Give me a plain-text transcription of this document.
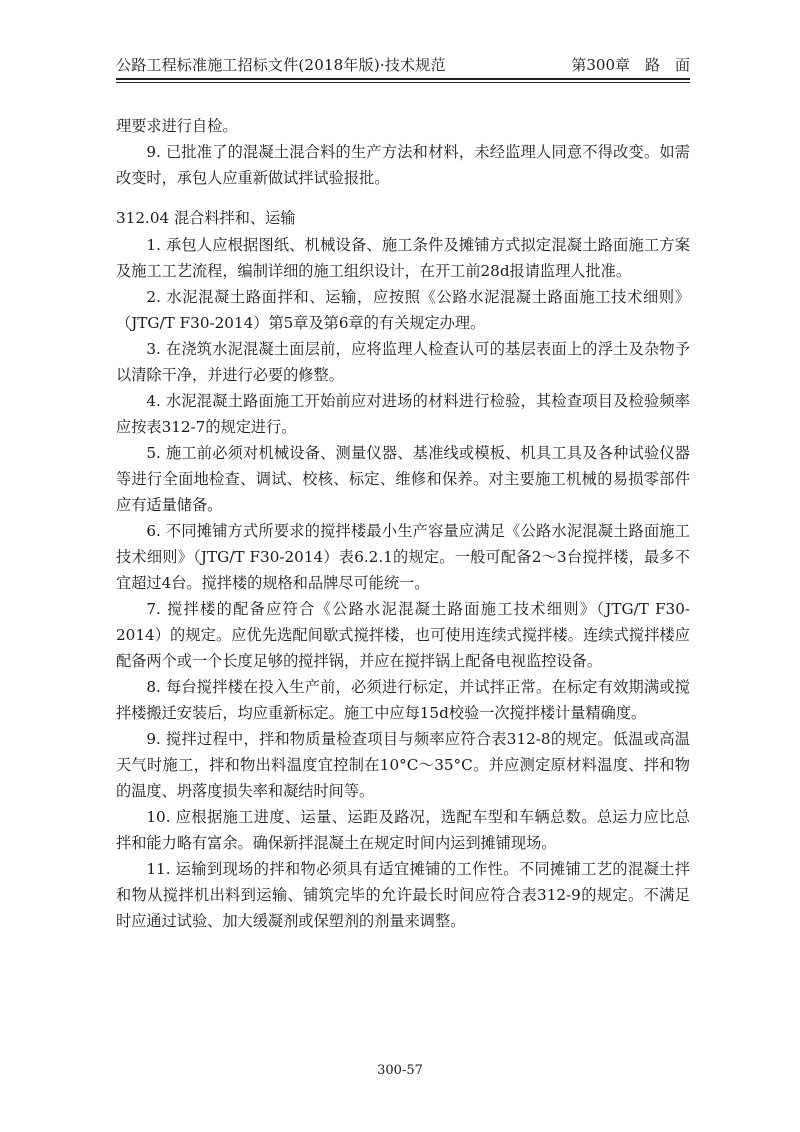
公路工程标准施工招标文件(2018年版)·技术规范	第300章　路　面

理要求进行自检。

9. 已批准了的混凝土混合料的生产方法和材料，未经监理人同意不得改变。如需改变时，承包人应重新做试拌试验报批。

312.04 混合料拌和、运输

1. 承包人应根据图纸、机械设备、施工条件及摊铺方式拟定混凝土路面施工方案及施工工艺流程，编制详细的施工组织设计，在开工前28d报请监理人批准。

2. 水泥混凝土路面拌和、运输，应按照《公路水泥混凝土路面施工技术细则》（JTG/T F30-2014）第5章及第6章的有关规定办理。

3. 在浇筑水泥混凝土面层前，应将监理人检查认可的基层表面上的浮土及杂物予以清除干净，并进行必要的修整。

4. 水泥混凝土路面施工开始前应对进场的材料进行检验，其检查项目及检验频率应按表312-7的规定进行。

5. 施工前必须对机械设备、测量仪器、基准线或模板、机具工具及各种试验仪器等进行全面地检查、调试、校核、标定、维修和保养。对主要施工机械的易损零部件应有适量储备。

6. 不同摊铺方式所要求的搅拌楼最小生产容量应满足《公路水泥混凝土路面施工技术细则》（JTG/T F30-2014）表6.2.1的规定。一般可配备2～3台搅拌楼，最多不宜超过4台。搅拌楼的规格和品牌尽可能统一。

7. 搅拌楼的配备应符合《公路水泥混凝土路面施工技术细则》（JTG/T F30-2014）的规定。应优先选配间歇式搅拌楼，也可使用连续式搅拌楼。连续式搅拌楼应配备两个或一个长度足够的搅拌锅，并应在搅拌锅上配备电视监控设备。

8. 每台搅拌楼在投入生产前，必须进行标定，并试拌正常。在标定有效期满或搅拌楼搬迁安装后，均应重新标定。施工中应每15d校验一次搅拌楼计量精确度。

9. 搅拌过程中，拌和物质量检查项目与频率应符合表312-8的规定。低温或高温天气时施工，拌和物出料温度宜控制在10°C～35°C。并应测定原材料温度、拌和物的温度、坍落度损失率和凝结时间等。

10. 应根据施工进度、运量、运距及路况，选配车型和车辆总数。总运力应比总拌和能力略有富余。确保新拌混凝土在规定时间内运到摊铺现场。

11. 运输到现场的拌和物必须具有适宜摊铺的工作性。不同摊铺工艺的混凝土拌和物从搅拌机出料到运输、铺筑完毕的允许最长时间应符合表312-9的规定。不满足时应通过试验、加大缓凝剂或保塑剂的剂量来调整。

300-57
